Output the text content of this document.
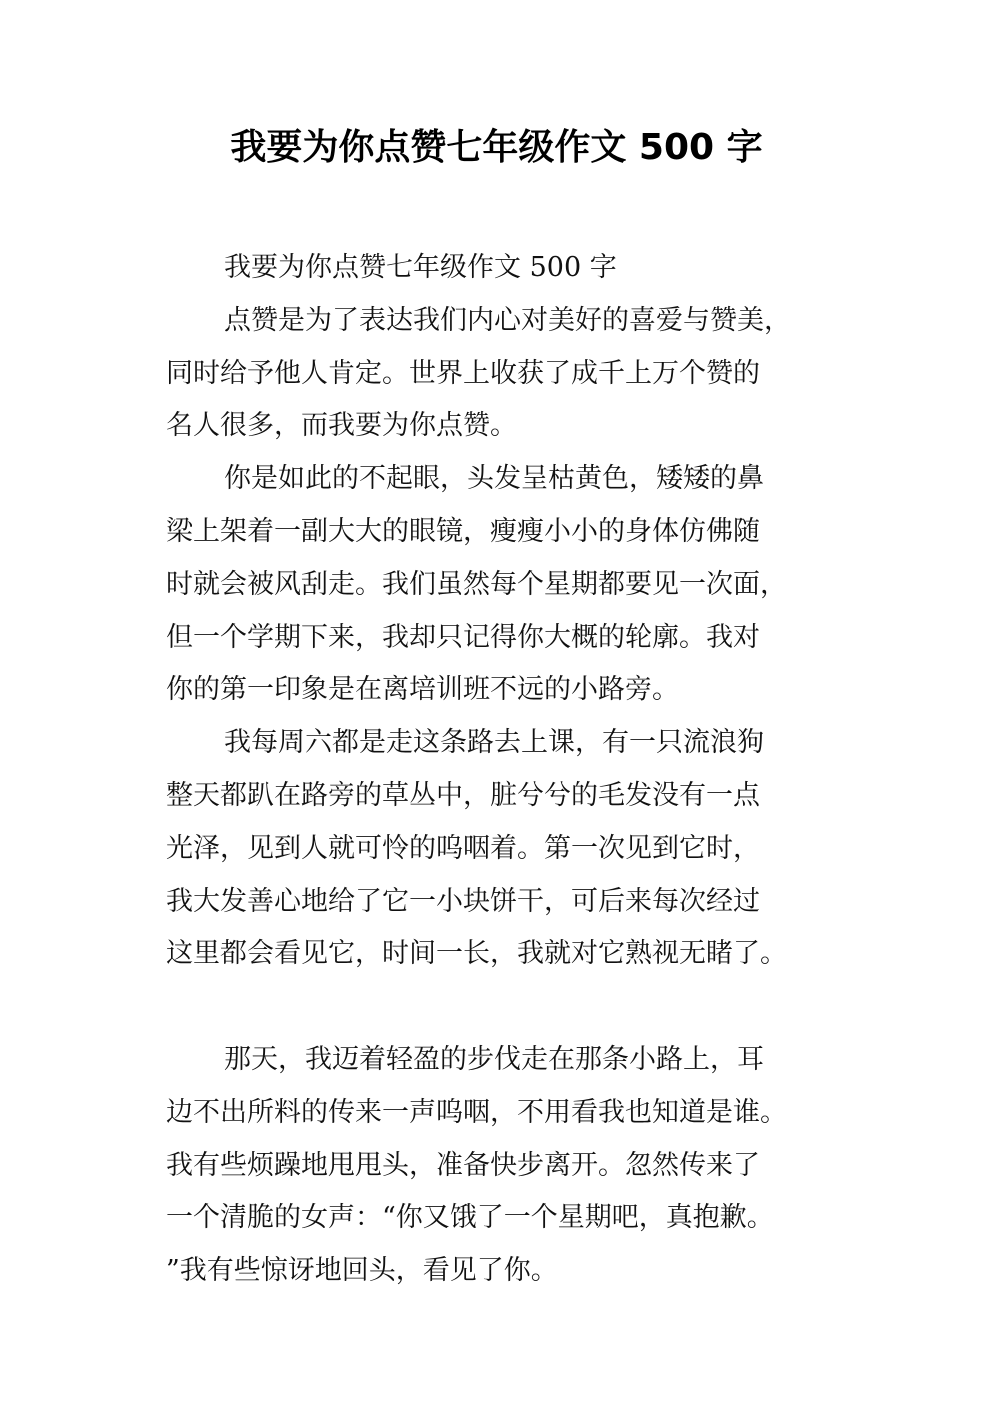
我要为你点赞七年级作文 500 字
我要为你点赞七年级作文 500 字
点赞是为了表达我们内心对美好的喜爱与赞美，
同时给予他人肯定。世界上收获了成千上万个赞的
名人很多，而我要为你点赞。
你是如此的不起眼，头发呈枯黄色，矮矮的鼻
梁上架着一副大大的眼镜，瘦瘦小小的身体仿佛随
时就会被风刮走。我们虽然每个星期都要见一次面，
但一个学期下来，我却只记得你大概的轮廓。我对
你的第一印象是在离培训班不远的小路旁。
我每周六都是走这条路去上课，有一只流浪狗
整天都趴在路旁的草丛中，脏兮兮的毛发没有一点
光泽，见到人就可怜的呜咽着。第一次见到它时，
我大发善心地给了它一小块饼干，可后来每次经过
这里都会看见它，时间一长，我就对它熟视无睹了。
那天，我迈着轻盈的步伐走在那条小路上，耳
边不出所料的传来一声呜咽，不用看我也知道是谁。
我有些烦躁地甩甩头，准备快步离开。忽然传来了
一个清脆的女声：“你又饿了一个星期吧，真抱歉。
”我有些惊讶地回头，看见了你。
